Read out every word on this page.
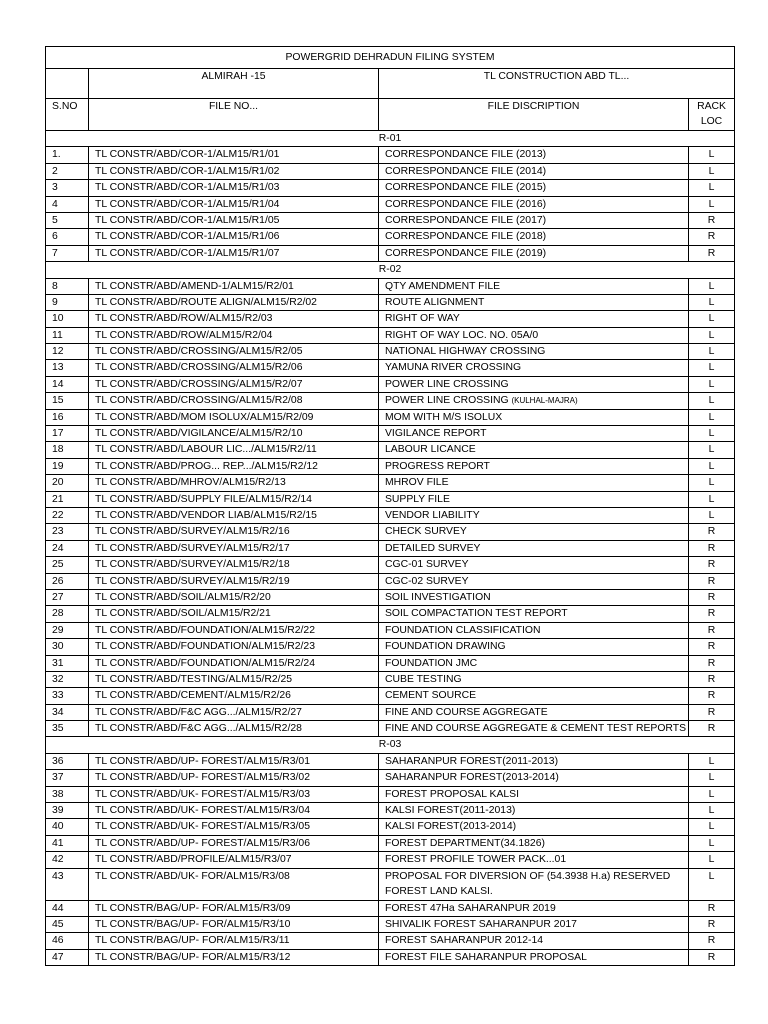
POWERGRID DEHRADUN FILING SYSTEM			
	ALMIRAH -15	TL CONSTRUCTION ABD TL...	
S.NO	FILE NO...	FILE DISCRIPTION	RACK LOC
R-01			
1.	TL CONSTR/ABD/COR-1/ALM15/R1/01	CORRESPONDANCE FILE (2013)	L
2	TL CONSTR/ABD/COR-1/ALM15/R1/02	CORRESPONDANCE FILE (2014)	L
3	TL CONSTR/ABD/COR-1/ALM15/R1/03	CORRESPONDANCE FILE (2015)	L
4	TL CONSTR/ABD/COR-1/ALM15/R1/04	CORRESPONDANCE FILE (2016)	L
5	TL CONSTR/ABD/COR-1/ALM15/R1/05	CORRESPONDANCE FILE (2017)	R
6	TL CONSTR/ABD/COR-1/ALM15/R1/06	CORRESPONDANCE FILE (2018)	R
7	TL CONSTR/ABD/COR-1/ALM15/R1/07	CORRESPONDANCE FILE (2019)	R
R-02			
8	TL CONSTR/ABD/AMEND-1/ALM15/R2/01	QTY AMENDMENT FILE	L
9	TL CONSTR/ABD/ROUTE ALIGN/ALM15/R2/02	ROUTE ALIGNMENT	L
10	TL CONSTR/ABD/ROW/ALM15/R2/03	RIGHT OF WAY	L
11	TL CONSTR/ABD/ROW/ALM15/R2/04	RIGHT OF WAY LOC. NO. 05A/0	L
12	TL CONSTR/ABD/CROSSING/ALM15/R2/05	NATIONAL HIGHWAY CROSSING	L
13	TL CONSTR/ABD/CROSSING/ALM15/R2/06	YAMUNA RIVER CROSSING	L
14	TL CONSTR/ABD/CROSSING/ALM15/R2/07	POWER LINE CROSSING	L
15	TL CONSTR/ABD/CROSSING/ALM15/R2/08	POWER LINE CROSSING (KULHAL-MAJRA)	L
16	TL CONSTR/ABD/MOM ISOLUX/ALM15/R2/09	MOM WITH M/S ISOLUX	L
17	TL CONSTR/ABD/VIGILANCE/ALM15/R2/10	VIGILANCE REPORT	L
18	TL CONSTR/ABD/LABOUR LIC.../ALM15/R2/11	LABOUR LICANCE	L
19	TL CONSTR/ABD/PROG... REP.../ALM15/R2/12	PROGRESS REPORT	L
20	TL CONSTR/ABD/MHROV/ALM15/R2/13	MHROV FILE	L
21	TL CONSTR/ABD/SUPPLY FILE/ALM15/R2/14	SUPPLY FILE	L
22	TL CONSTR/ABD/VENDOR LIAB/ALM15/R2/15	VENDOR LIABILITY	L
23	TL CONSTR/ABD/SURVEY/ALM15/R2/16	CHECK SURVEY	R
24	TL CONSTR/ABD/SURVEY/ALM15/R2/17	DETAILED SURVEY	R
25	TL CONSTR/ABD/SURVEY/ALM15/R2/18	CGC-01 SURVEY	R
26	TL CONSTR/ABD/SURVEY/ALM15/R2/19	CGC-02 SURVEY	R
27	TL CONSTR/ABD/SOIL/ALM15/R2/20	SOIL INVESTIGATION	R
28	TL CONSTR/ABD/SOIL/ALM15/R2/21	SOIL COMPACTATION TEST REPORT	R
29	TL CONSTR/ABD/FOUNDATION/ALM15/R2/22	FOUNDATION CLASSIFICATION	R
30	TL CONSTR/ABD/FOUNDATION/ALM15/R2/23	FOUNDATION DRAWING	R
31	TL CONSTR/ABD/FOUNDATION/ALM15/R2/24	FOUNDATION JMC	R
32	TL CONSTR/ABD/TESTING/ALM15/R2/25	CUBE TESTING	R
33	TL CONSTR/ABD/CEMENT/ALM15/R2/26	CEMENT SOURCE	R
34	TL CONSTR/ABD/F&C AGG.../ALM15/R2/27	FINE AND COURSE AGGREGATE	R
35	TL CONSTR/ABD/F&C AGG.../ALM15/R2/28	FINE AND COURSE AGGREGATE & CEMENT TEST REPORTS	R
R-03			
36	TL CONSTR/ABD/UP- FOREST/ALM15/R3/01	SAHARANPUR FOREST(2011-2013)	L
37	TL CONSTR/ABD/UP- FOREST/ALM15/R3/02	SAHARANPUR FOREST(2013-2014)	L
38	TL CONSTR/ABD/UK- FOREST/ALM15/R3/03	FOREST PROPOSAL KALSI	L
39	TL CONSTR/ABD/UK- FOREST/ALM15/R3/04	KALSI FOREST(2011-2013)	L
40	TL CONSTR/ABD/UK- FOREST/ALM15/R3/05	KALSI FOREST(2013-2014)	L
41	TL CONSTR/ABD/UP- FOREST/ALM15/R3/06	FOREST DEPARTMENT(34.1826)	L
42	TL CONSTR/ABD/PROFILE/ALM15/R3/07	FOREST PROFILE TOWER PACK...01	L
43	TL CONSTR/ABD/UK- FOR/ALM15/R3/08	PROPOSAL FOR DIVERSION OF (54.3938 H.a) RESERVED FOREST LAND KALSI.	L
44	TL CONSTR/BAG/UP- FOR/ALM15/R3/09	FOREST 47Ha SAHARANPUR 2019	R
45	TL CONSTR/BAG/UP- FOR/ALM15/R3/10	SHIVALIK FOREST SAHARANPUR 2017	R
46	TL CONSTR/BAG/UP- FOR/ALM15/R3/11	FOREST SAHARANPUR 2012-14	R
47	TL CONSTR/BAG/UP- FOR/ALM15/R3/12	FOREST FILE SAHARANPUR PROPOSAL	R
